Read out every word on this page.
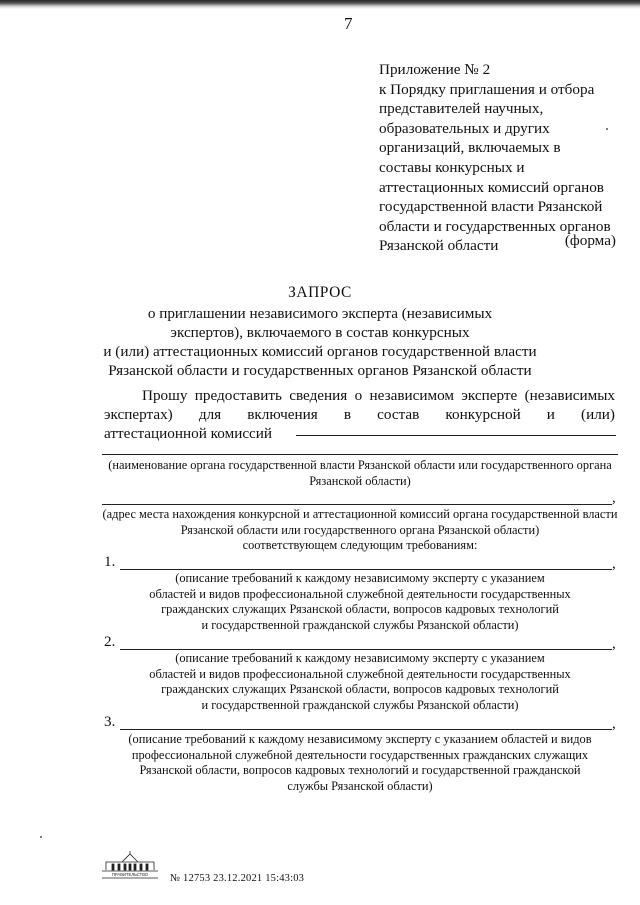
7
Приложение № 2
к Порядку приглашения и отбора
представителей научных,
образовательных и других
организаций, включаемых в
составы конкурсных и
аттестационных комиссий органов
государственной власти Рязанской
области и государственных органов
Рязанской области	(форма)
ЗАПРОС
о приглашении независимого эксперта (независимых
экспертов), включаемого в состав конкурсных
и (или) аттестационных комиссий органов государственной власти
Рязанской области и государственных органов Рязанской области
Прошу предоставить сведения о независимом эксперте (независимых
экспертах) для включения в состав конкурсной и (или)
аттестационной комиссий
(наименование органа государственной власти Рязанской области или государственного органа Рязанской области)
,
(адрес места нахождения конкурсной и аттестационной комиссий органа государственной власти Рязанской области или государственного органа Рязанской области)
соответствующем следующим требованиям:
1.	,
(описание требований к каждому независимому эксперту с указанием
областей и видов профессиональной служебной деятельности государственных
гражданских служащих Рязанской области, вопросов кадровых технологий
и государственной гражданской службы Рязанской области)
2.	,
(описание требований к каждому независимому эксперту с указанием
областей и видов профессиональной служебной деятельности государственных
гражданских служащих Рязанской области, вопросов кадровых технологий
и государственной гражданской службы Рязанской области)
3.	,
(описание требований к каждому независимому эксперту с указанием областей и видов
профессиональной служебной деятельности государственных гражданских служащих
Рязанской области, вопросов кадровых технологий и государственной гражданской
службы Рязанской области)
ПРАВИТЕЛЬСТВО № 12753 23.12.2021 15:43:03
